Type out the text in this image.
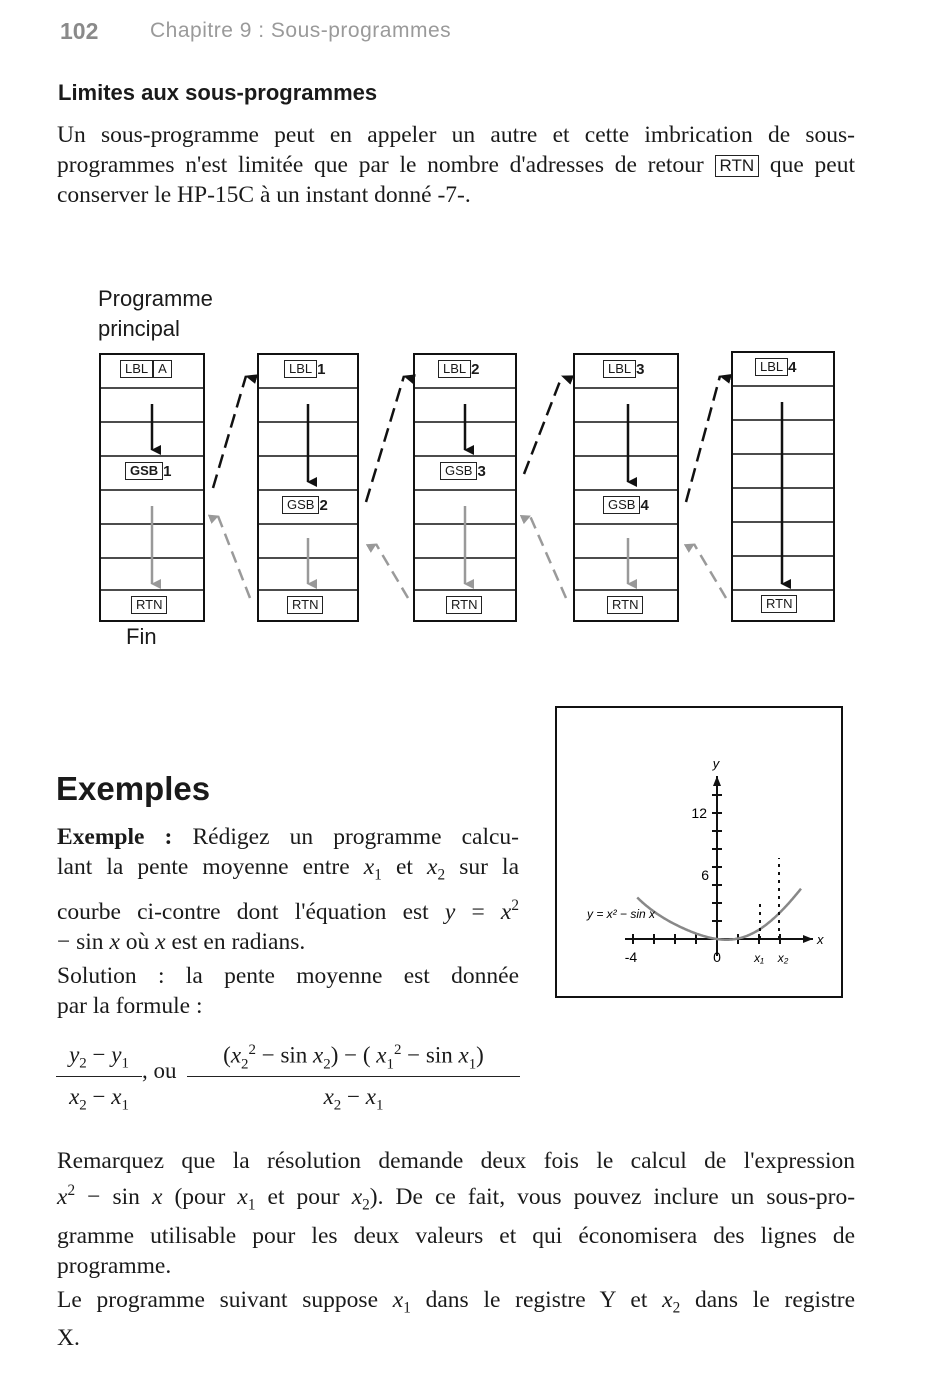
102 Chapitre 9 : Sous-programmes
Limites aux sous-programmes
Un sous-programme peut en appeler un autre et cette imbrication de sous-programmes n'est limitée que par le nombre d'adresses de retour RTN que peut conserver le HP-15C à un instant donné -7-.
Programme
principal
LBL A
GSB 1
RTN
LBL 1
GSB 2
RTN
LBL 2
GSB 3
RTN
LBL 3
GSB 4
RTN
LBL 4
RTN
Fin
Exemples
Exemple : Rédigez un programme calcu-
lant la pente moyenne entre $x_1$ et $x_2$ sur la
courbe ci-contre dont l'équation est $y = x^2$
− sin x où x est en radians.
Solution : la pente moyenne est donnée
par la formule :
y
x
12
6
-4	0	x₁ x₂
y = x² − sin x
$y_2 - y_1$
$x_2 - x_1$
, ou
$(x_2^2 - \sin x_2)$ − ( $x_1^2 - \sin x_1$)
$x_2 - x_1$
Remarquez que la résolution demande deux fois le calcul de l'expression
$x^2 - \sin x$ (pour $x_1$ et pour $x_2$). De ce fait, vous pouvez inclure un sous-pro-
gramme utilisable pour les deux valeurs et qui économisera des lignes de
programme.
Le programme suivant suppose $x_1$ dans le registre Y et $x_2$ dans le registre
X.
